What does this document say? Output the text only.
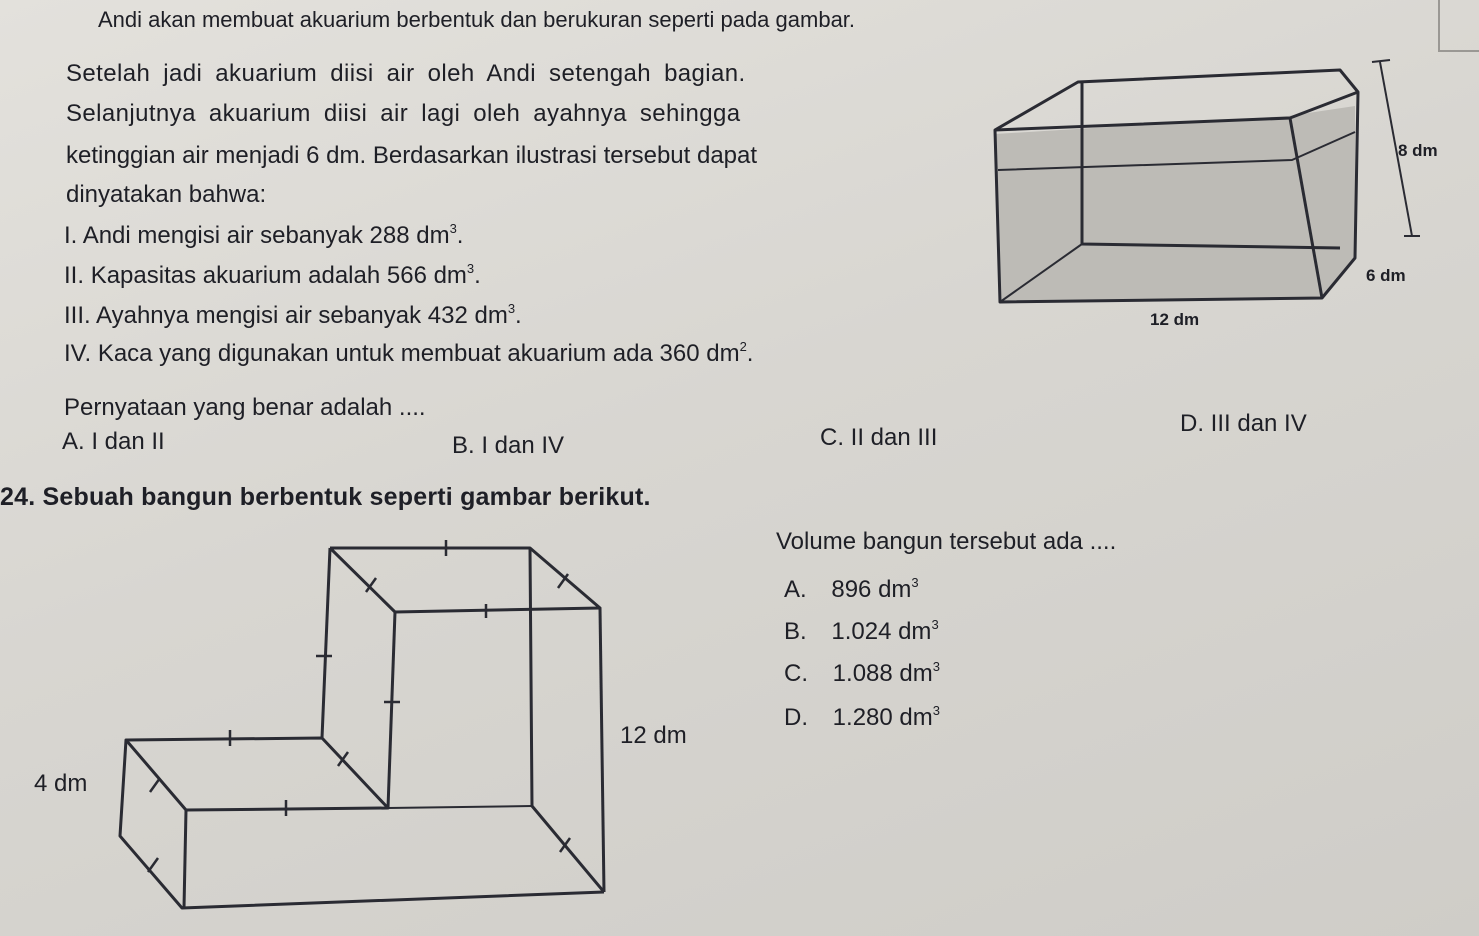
Andi akan membuat akuarium berbentuk dan berukuran seperti pada gambar.
Setelah jadi akuarium diisi air oleh Andi setengah bagian.
Selanjutnya akuarium diisi air lagi oleh ayahnya sehingga
ketinggian air menjadi 6 dm. Berdasarkan ilustrasi tersebut dapat
dinyatakan bahwa:
I. Andi mengisi air sebanyak 288 $dm^3$.
II. Kapasitas akuarium adalah 566 $dm^3$.
III. Ayahnya mengisi air sebanyak 432 $dm^3$.
IV. Kaca yang digunakan untuk membuat akuarium ada 360 $dm^2$.
Pernyataan yang benar adalah ....
A. I dan II	B. I dan IV	C. II dan III
D. III dan IV
8 dm
6 dm
12 dm
24. Sebuah bangun berbentuk seperti gambar berikut.
Volume bangun tersebut ada ....
A. 896 $dm^3$
B. 1.024 $dm^3$
C. 1.088 $dm^3$
D. 1.280 $dm^3$
12 dm
4 dm
